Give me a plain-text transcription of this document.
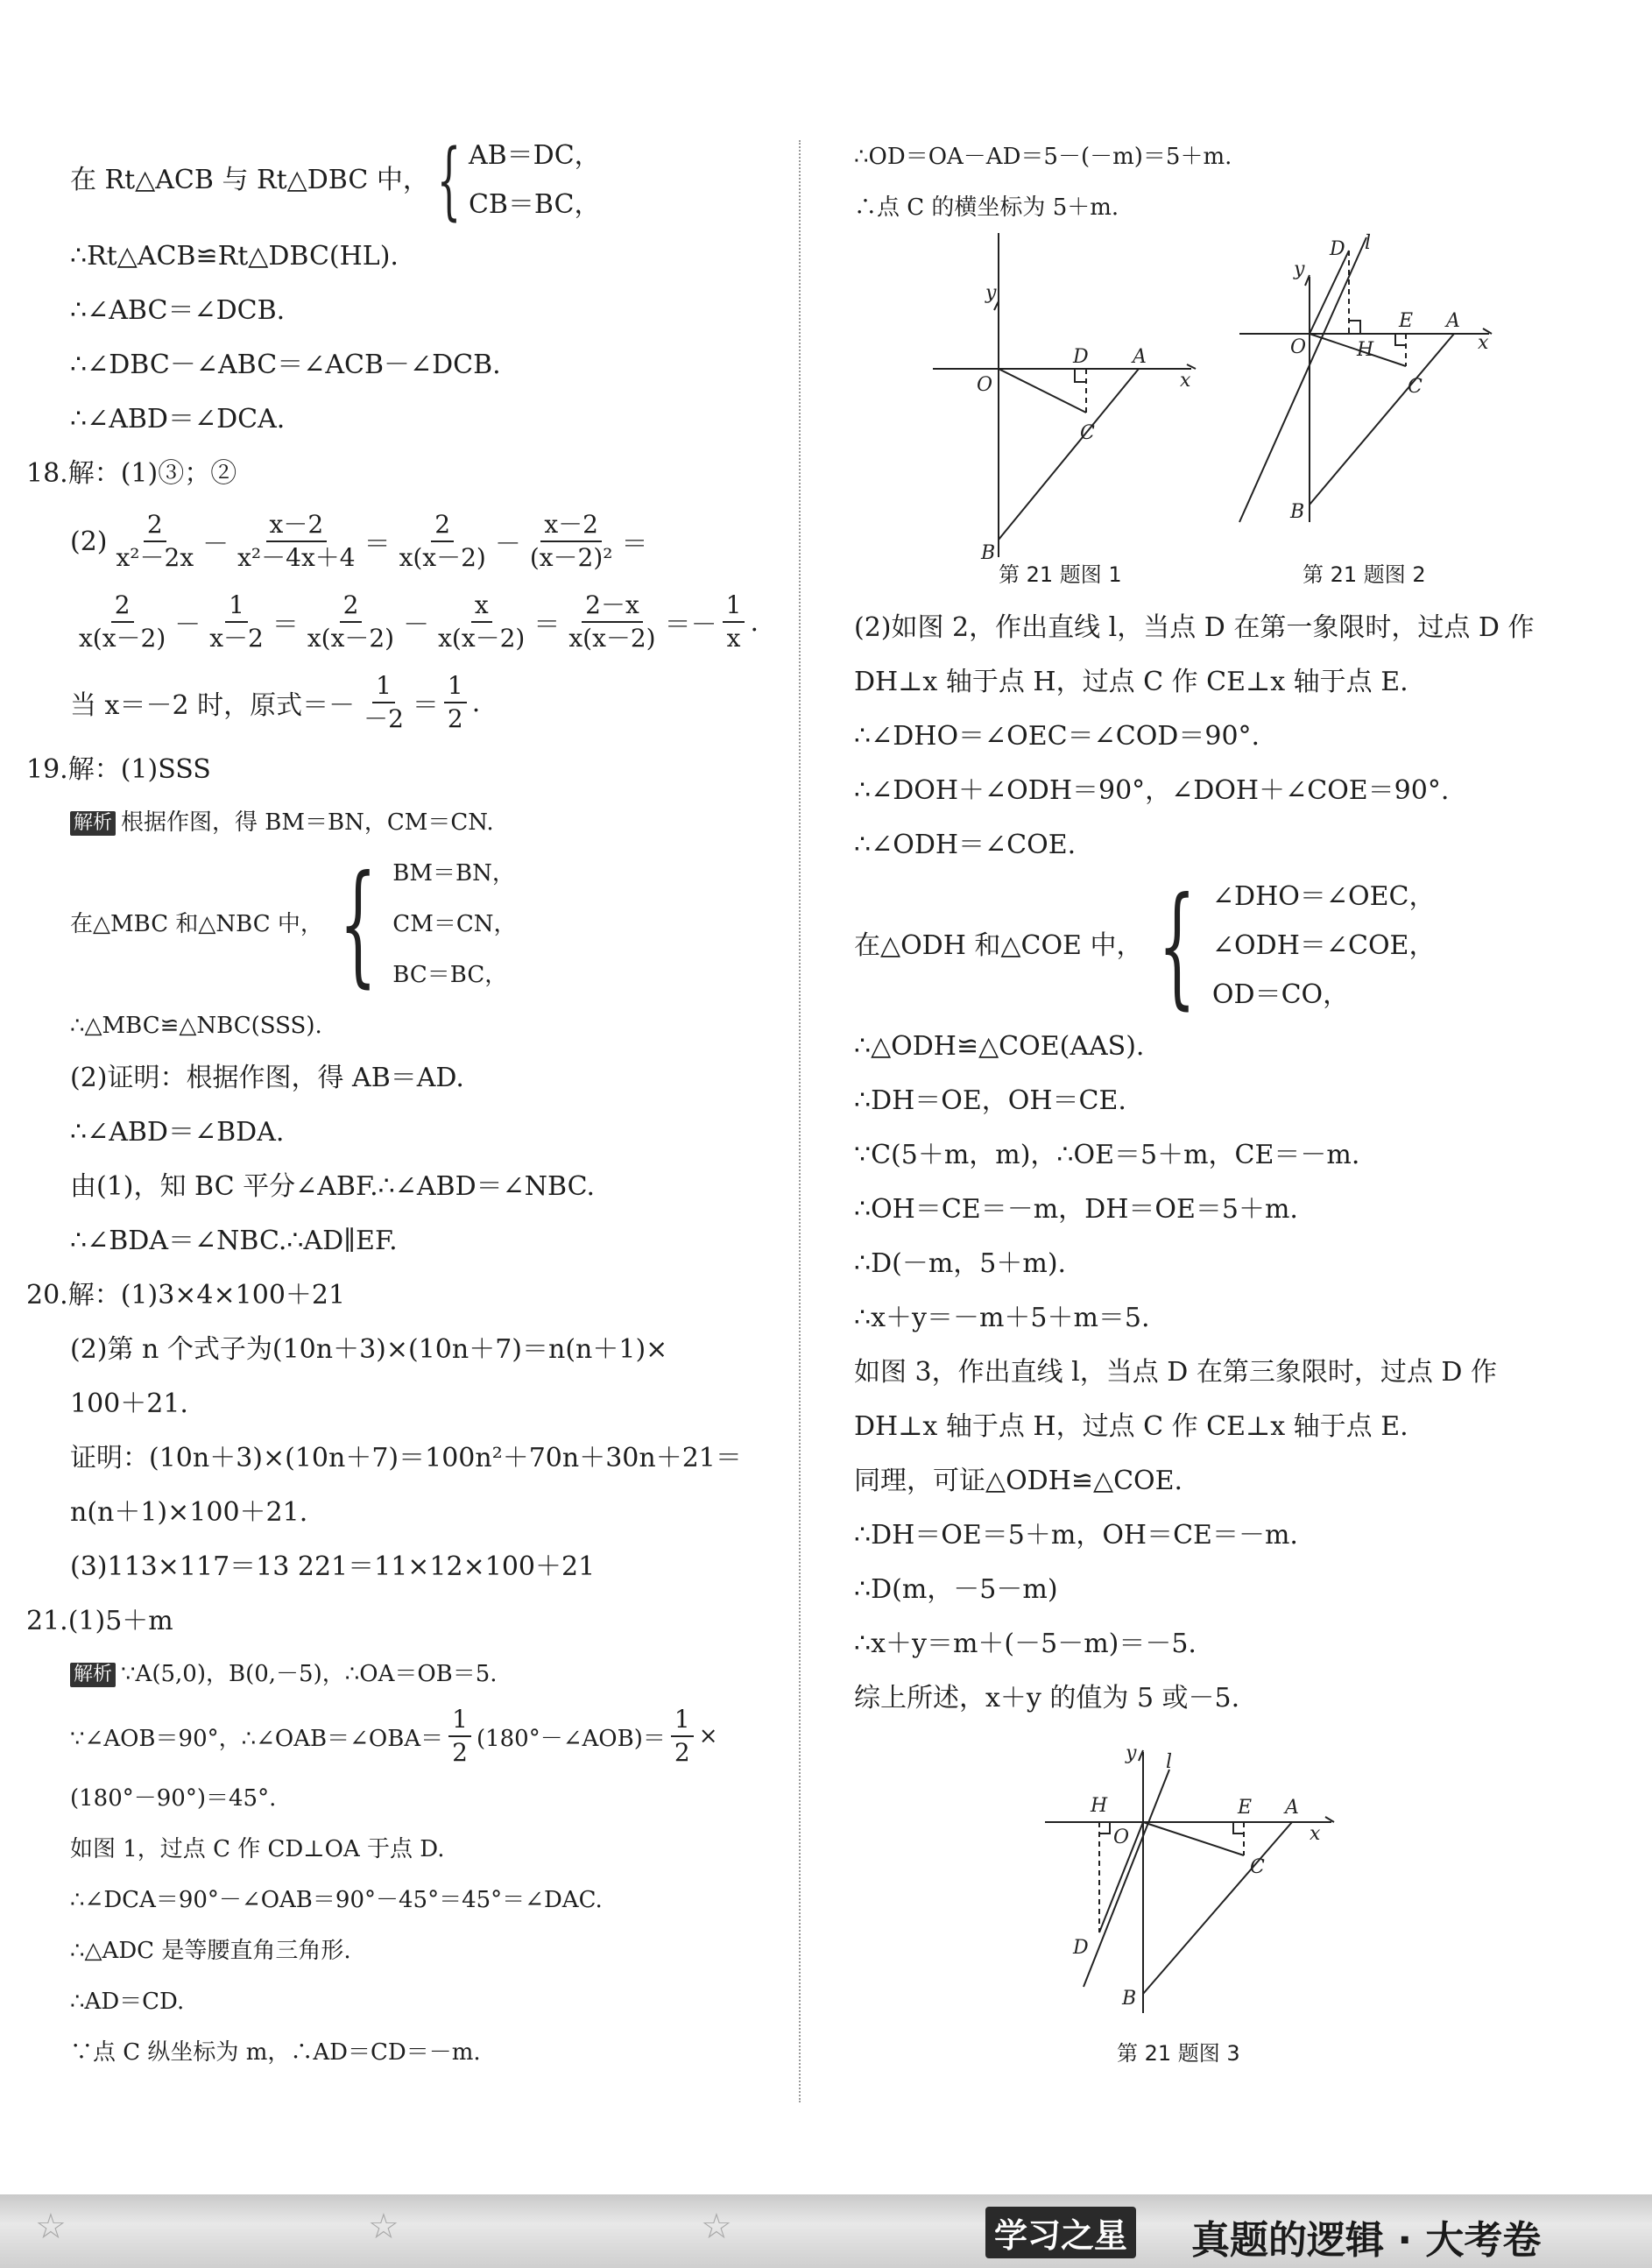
在 Rt△ACB 与 Rt△DBC 中， { AB＝DC，
CB＝BC，
∴Rt△ACB≌Rt△DBC(HL).
∴∠ABC＝∠DCB.
∴∠DBC－∠ABC＝∠ACB－∠DCB.
∴∠ABD＝∠DCA.
18.解：(1)③；②
$(2) \frac{2}{\text{x²－2x}} - \frac{x-2}{\text{x²－4x＋4}} = \frac{2}{x(x-2)} - \frac{x-2}{\text{(x－2)²}}$ ＝
$\frac{2}{x(x-2)} - \frac{1}{x-2} = \frac{2}{x(x-2)} - \frac{x}{x(x-2)} = \frac{2-x}{x(x-2)} =- \frac{1}{x}$ .
当 x＝－2 时，原式＝－ $\frac{1}{-2} = \frac{1}{2}$ .
19.解：(1)SSS
解析 根据作图，得 BM＝BN，CM＝CN.
在△MBC 和△NBC 中， { BM＝BN，
CM＝CN，
BC＝BC，
∴△MBC≌△NBC(SSS).
(2)证明：根据作图，得 AB＝AD.
∴∠ABD＝∠BDA.
由(1)，知 BC 平分∠ABF.∴∠ABD＝∠NBC.
∴∠BDA＝∠NBC.∴AD∥EF.
20.解：(1)3×4×100＋21
(2)第 n 个式子为(10n＋3)×(10n＋7)＝n(n＋1)×
100＋21.
证明：(10n＋3)×(10n＋7)＝100n²＋70n＋30n＋21＝
n(n＋1)×100＋21.
(3)113×117＝13 221＝11×12×100＋21
21.(1)5＋m
解析 ∵A(5,0)，B(0,－5)，∴OA＝OB＝5.
∵∠AOB＝90°，∴∠OAB＝∠OBA＝ $\frac{1}{2}$ (180°－∠AOB)＝ $\frac{1}{2}$ ×
(180°－90°)＝45°.
如图 1，过点 C 作 CD⊥OA 于点 D.
∴∠DCA＝90°－∠OAB＝90°－45°＝45°＝∠DAC.
∴△ADC 是等腰直角三角形.
∴AD＝CD.
∵点 C 纵坐标为 m，∴AD＝CD＝－m.
∴OD＝OA－AD＝5－(－m)＝5＋m.
∴点 C 的横坐标为 5＋m.
y
x
O
D A
C
B
y
x
O
D l
E
H
A
C
B
第 21 题图 1	第 21 题图 2
(2)如图 2，作出直线 l，当点 D 在第一象限时，过点 D 作
DH⊥x 轴于点 H，过点 C 作 CE⊥x 轴于点 E.
∴∠DHO＝∠OEC＝∠COD＝90°.
∴∠DOH＋∠ODH＝90°，∠DOH＋∠COE＝90°.
∴∠ODH＝∠COE.
在△ODH 和△COE 中， { ∠DHO＝∠OEC，
∠ODH＝∠COE，
OD＝CO，
∴△ODH≌△COE(AAS).
∴DH＝OE，OH＝CE.
∵C(5＋m，m)，∴OE＝5＋m，CE＝－m.
∴OH＝CE＝－m，DH＝OE＝5＋m.
∴D(－m，5＋m).
∴x＋y＝－m＋5＋m＝5.
如图 3，作出直线 l，当点 D 在第三象限时，过点 D 作
DH⊥x 轴于点 H，过点 C 作 CE⊥x 轴于点 E.
同理，可证△ODH≌△COE.
∴DH＝OE＝5＋m，OH＝CE＝－m.
∴D(m，－5－m)
∴x＋y＝m＋(－5－m)＝－5.
综上所述，x＋y 的值为 5 或－5.
y l
x
H
O
E A
C
D
B
第 21 题图 3
☆	☆	☆	学习之星 真题的逻辑 · 大考卷
